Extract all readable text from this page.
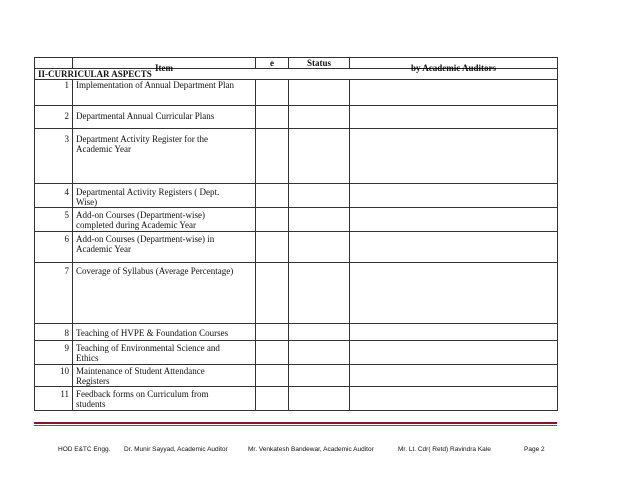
	Item	e	Status	by Academic Auditors
II-CURRICULAR ASPECTS				
1	Implementation of Annual Department Plan			
2	Departmental Annual Curricular Plans			
3	Department Activity Register for the Academic Year			
4	Departmental Activity Registers ( Dept. Wise)			
5	Add-on Courses (Department-wise) completed during Academic Year			
6	Add-on Courses (Department-wise) in Academic Year			
7	Coverage of Syllabus (Average Percentage)			
8	Teaching of HVPE & Foundation Courses			
9	Teaching of Environmental Science and Ethics			
10	Maintenance of Student Attendance Registers			
11	Feedback forms on Curriculum from students			
HOD E&TC Engg. Dr. Munir Sayyad, Academic Auditor	Mr. Venkatesh Bandewar, Academic Auditor	Mr. Lt. Cdr( Retd) Ravindra Kale	Page 2
